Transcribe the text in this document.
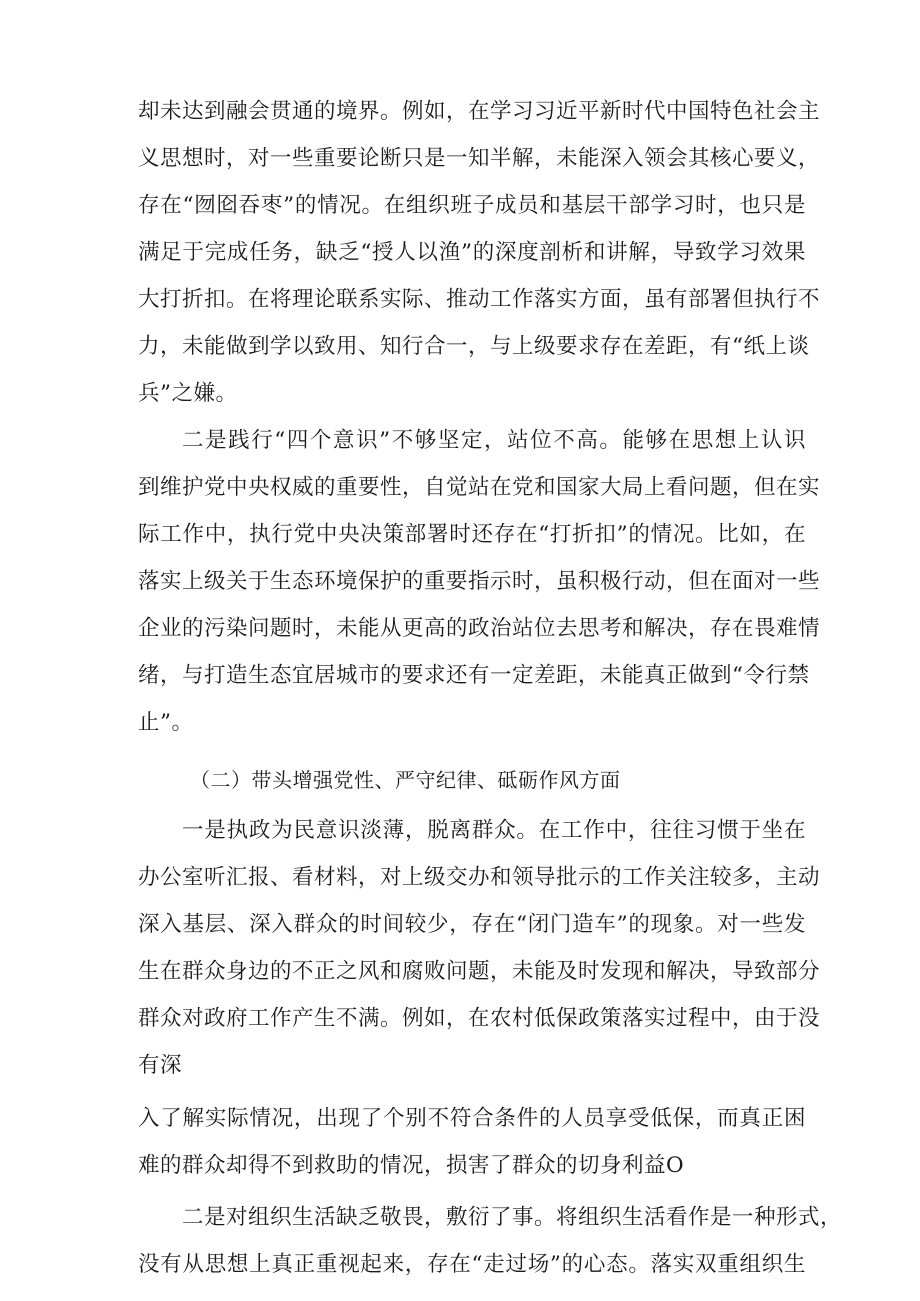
却未达到融会贯通的境界。例如，在学习习近平新时代中国特色社会主
义思想时，对一些重要论断只是一知半解，未能深入领会其核心要义，
存在“囫囵吞枣”的情况。在组织班子成员和基层干部学习时，也只是
满足于完成任务，缺乏“授人以渔”的深度剖析和讲解，导致学习效果
大打折扣。在将理论联系实际、推动工作落实方面，虽有部署但执行不
力，未能做到学以致用、知行合一，与上级要求存在差距，有“纸上谈
兵”之嫌。
二是践行“四个意识”不够坚定，站位不高。能够在思想上认识
到维护党中央权威的重要性，自觉站在党和国家大局上看问题，但在实
际工作中，执行党中央决策部署时还存在“打折扣”的情况。比如，在
落实上级关于生态环境保护的重要指示时，虽积极行动，但在面对一些
企业的污染问题时，未能从更高的政治站位去思考和解决，存在畏难情
绪，与打造生态宜居城市的要求还有一定差距，未能真正做到“令行禁
止”。
（二）带头增强党性、严守纪律、砥砺作风方面
一是执政为民意识淡薄，脱离群众。在工作中，往往习惯于坐在
办公室听汇报、看材料，对上级交办和领导批示的工作关注较多，主动
深入基层、深入群众的时间较少，存在“闭门造车”的现象。对一些发
生在群众身边的不正之风和腐败问题，未能及时发现和解决，导致部分
群众对政府工作产生不满。例如，在农村低保政策落实过程中，由于没
有深
入了解实际情况，出现了个别不符合条件的人员享受低保，而真正困
难的群众却得不到救助的情况，损害了群众的切身利益O
二是对组织生活缺乏敬畏，敷衍了事。将组织生活看作是一种形式，
没有从思想上真正重视起来，存在“走过场”的心态。落实双重组织生
